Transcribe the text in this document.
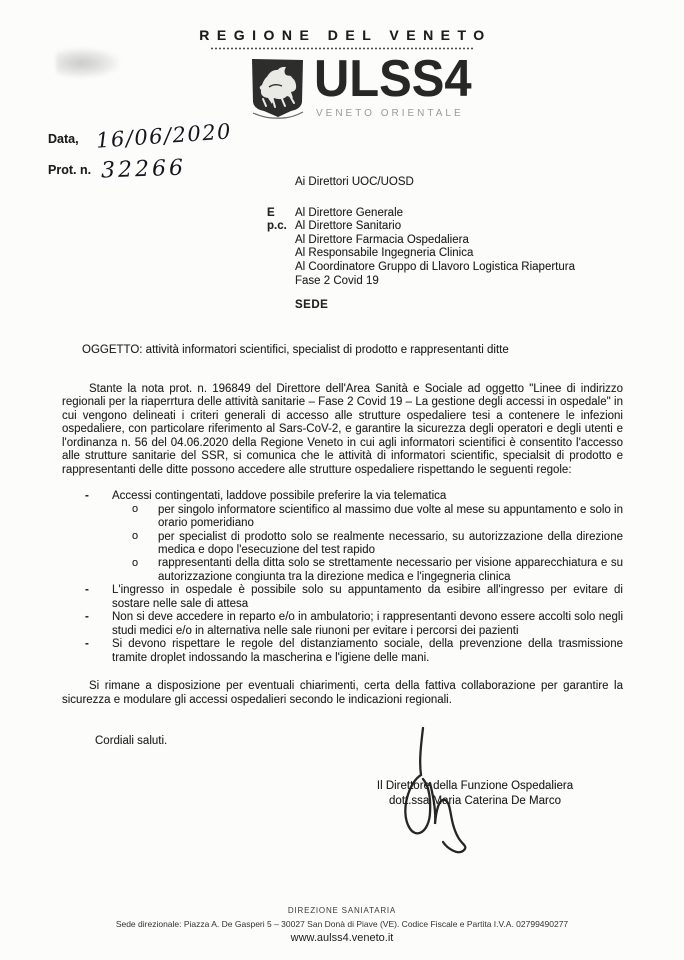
REGIONE DEL VENETO
ULSS4
VENETO ORIENTALE
Data,
Prot. n.
16/06/2020
32266	Ai Direttori UOC/UOSD
E p.c.
Al Direttore Generale
Al Direttore Sanitario
Al Direttore Farmacia Ospedaliera
Al Responsabile Ingegneria Clinica
Al Coordinatore Gruppo di Llavoro Logistica Riapertura
Fase 2 Covid 19
SEDE
OGGETTO: attività informatori scientifici, specialist di prodotto e rappresentanti ditte

Stante la nota prot. n. 196849 del Direttore dell'Area Sanità e Sociale ad oggetto "Linee di indirizzo regionali per la riaperrtura delle attività sanitarie – Fase 2 Covid 19 – La gestione degli accessi in ospedale" in cui vengono delineati i criteri generali di accesso alle strutture ospedaliere tesi a contenere le infezioni ospedaliere, con particolare riferimento al Sars-CoV-2, e garantire la sicurezza degli operatori e degli utenti e l'ordinanza n. 56 del 04.06.2020 della Regione Veneto in cui agli informatori scientifici è consentito l'accesso alle strutture sanitarie del SSR, si comunica che le attività di informatori scientific, specialsit di prodotto e rappresentanti delle ditte possono accedere alle strutture ospedaliere rispettando le seguenti regole:

- Accessi contingentati, laddove possibile preferire la via telematica
o per singolo informatore scientifico al massimo due volte al mese su appuntamento e solo in orario pomeridiano
o per specialist di prodotto solo se realmente necessario, su autorizzazione della direzione medica e dopo l'esecuzione del test rapido
o rappresentanti della ditta solo se strettamente necessario per visione apparecchiatura e su autorizzazione congiunta tra la direzione medica e l'ingegneria clinica
- L'ingresso in ospedale è possibile solo su appuntamento da esibire all'ingresso per evitare di sostare nelle sale di attesa
- Non si deve accedere in reparto e/o in ambulatorio; i rappresentanti devono essere accolti solo negli studi medici e/o in alternativa nelle sale riunoni per evitare i percorsi dei pazienti
- Si devono rispettare le regole del distanziamento sociale, della prevenzione della trasmissione tramite droplet indossando la mascherina e l'igiene delle mani.

Si rimane a disposizione per eventuali chiarimenti, certa della fattiva collaborazione per garantire la sicurezza e modulare gli accessi ospedalieri secondo le indicazioni regionali.

Cordiali saluti.
Il Direttore della Funzione Ospedaliera
dott.ssa Maria Caterina De Marco
DIREZIONE SANIATARIA
Sede direzionale: Piazza A. De Gasperi 5 – 30027 San Donà di Piave (VE). Codice Fiscale e Partita I.V.A. 02799490277
www.aulss4.veneto.it
